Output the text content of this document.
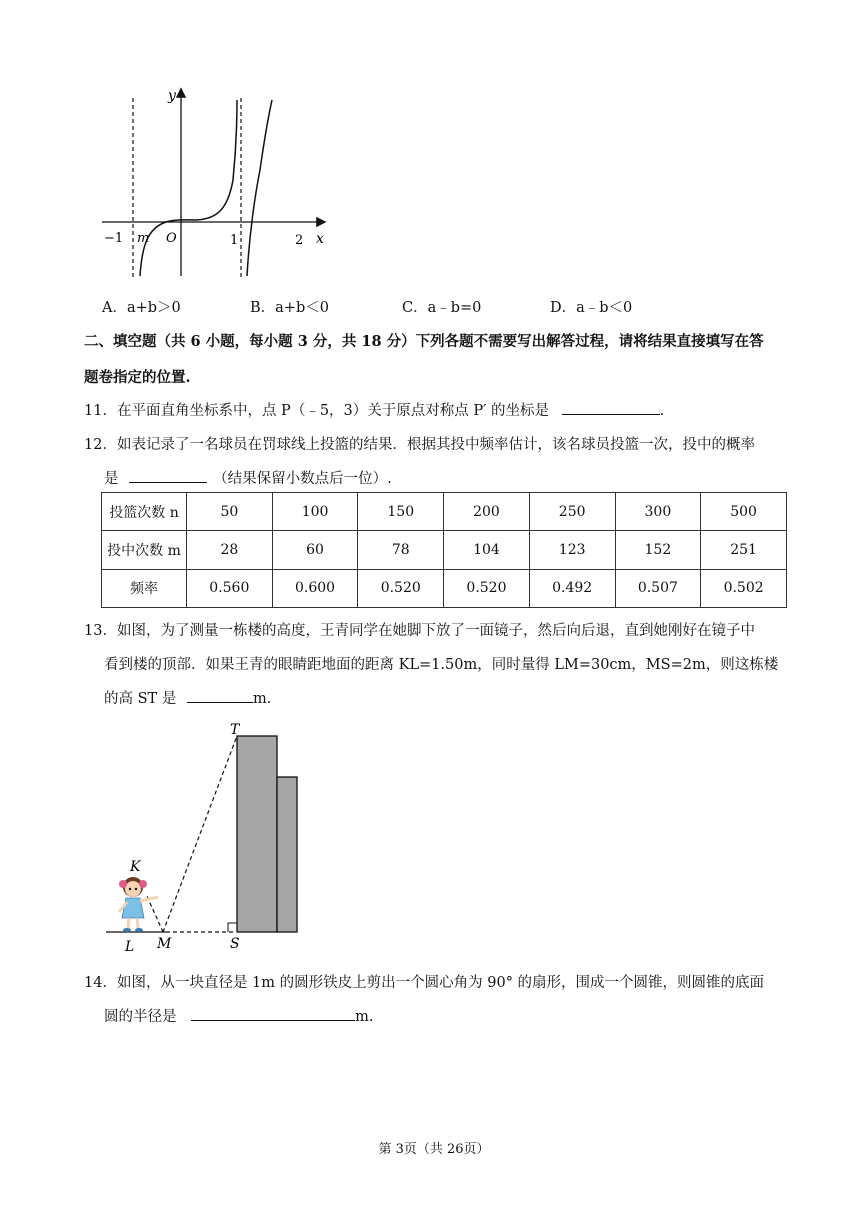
y
x
O
−1 m	1	2
A．a+b＞0	B．a+b＜0	C．a﹣b=0	D．a﹣b＜0
二、填空题（共 6 小题，每小题 3 分，共 18 分）下列各题不需要写出解答过程，请将结果直接填写在答
题卷指定的位置.
11．在平面直角坐标系中，点 P（﹣5，3）关于原点对称点 P′ 的坐标是	.
12．如表记录了一名球员在罚球线上投篮的结果．根据其投中频率估计，该名球员投篮一次，投中的概率
是	（结果保留小数点后一位）.
投篮次数 n	50	100	150	200	250	300	500
投中次数 m	28	60	78	104	123	152	251
频率	0.560	0.600	0.520	0.520	0.492	0.507	0.502
13．如图，为了测量一栋楼的高度，王青同学在她脚下放了一面镜子，然后向后退，直到她刚好在镜子中
看到楼的顶部．如果王青的眼睛距地面的距离 KL=1.50m，同时量得 LM=30cm，MS=2m，则这栋楼
的高 ST 是	m.
T
K
L M	S
14．如图，从一块直径是 1m 的圆形铁皮上剪出一个圆心角为 90° 的扇形，围成一个圆锥，则圆锥的底面
圆的半径是	m.
第 3页（共 26页）
